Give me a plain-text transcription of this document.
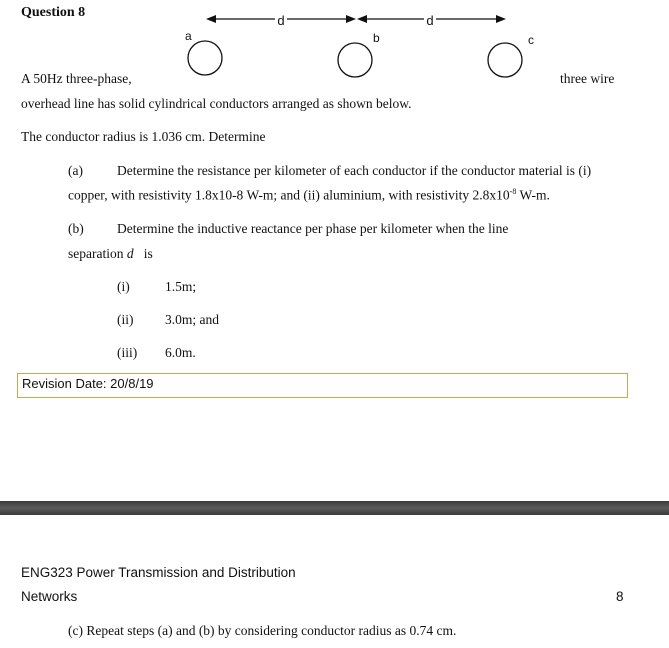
Question 8
d	d
a	b	c
A 50Hz three-phase,	three wire
overhead line has solid cylindrical conductors arranged as shown below.
The conductor radius is 1.036 cm. Determine
(a)	Determine the resistance per kilometer of each conductor if the conductor material is (i)
copper, with resistivity 1.8x10-8 W-m; and (ii) aluminium, with resistivity $2.8x10^{-8}$ W-m.
(b) Determine the inductive reactance per phase per kilometer when the line
separation d   is
(i)	1.5m;
(ii) 3.0m; and
(iii) 6.0m.
Revision Date: 20/8/19
ENG323 Power Transmission and Distribution
Networks	8
(c) Repeat steps (a) and (b) by considering conductor radius as 0.74 cm.
